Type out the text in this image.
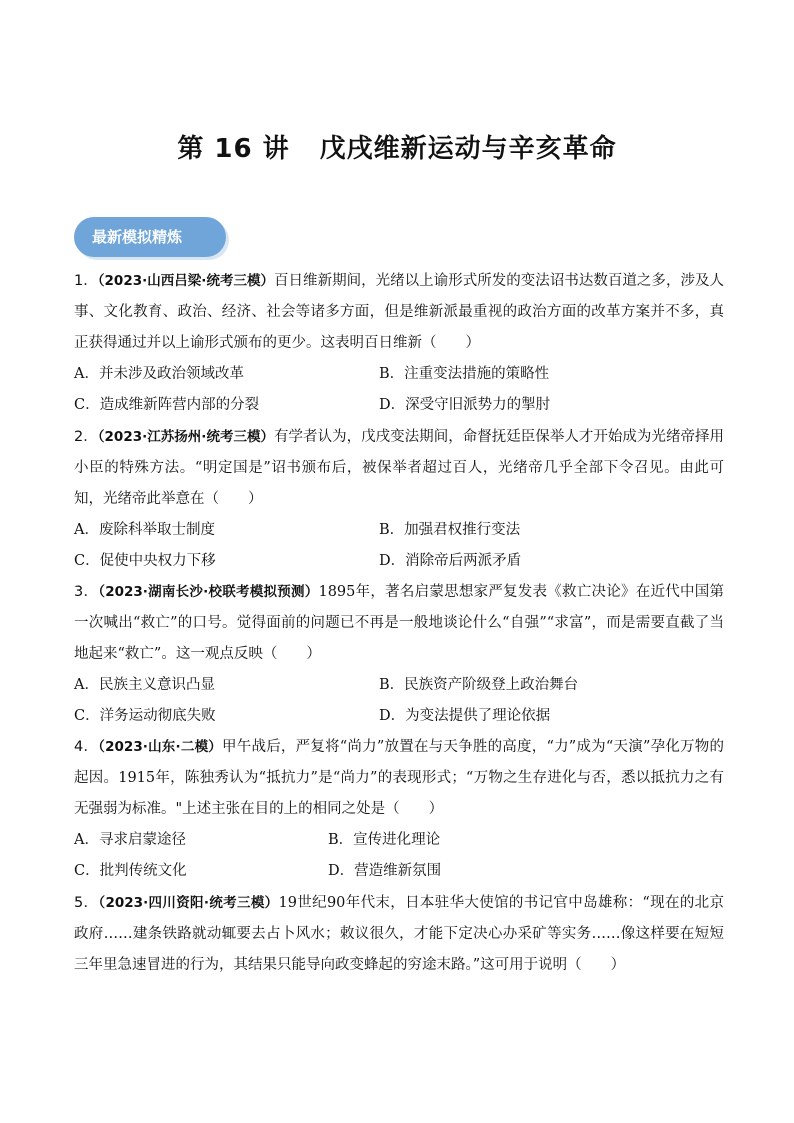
第 16 讲 戊戌维新运动与辛亥革命
最新模拟精炼
1．（2023·山西吕梁·统考三模）百日维新期间，光绪以上谕形式所发的变法诏书达数百道之多，涉及人事、文化教育、政治、经济、社会等诸多方面，但是维新派最重视的政治方面的改革方案并不多，真正获得通过并以上谕形式颁布的更少。这表明百日维新（　　）
A．并未涉及政治领域改革	B．注重变法措施的策略性
C．造成维新阵营内部的分裂	D．深受守旧派势力的掣肘
2．（2023·江苏扬州·统考三模）有学者认为，戊戌变法期间，命督抚廷臣保举人才开始成为光绪帝择用小臣的特殊方法。“明定国是”诏书颁布后，被保举者超过百人，光绪帝几乎全部下令召见。由此可知，光绪帝此举意在（　　）
A．废除科举取士制度	B．加强君权推行变法
C．促使中央权力下移	D．消除帝后两派矛盾
3．（2023·湖南长沙·校联考模拟预测）1895年，著名启蒙思想家严复发表《救亡决论》在近代中国第一次喊出“救亡”的口号。觉得面前的问题已不再是一般地谈论什么“自强”“求富”，而是需要直截了当地起来“救亡”。这一观点反映（　　）
A．民族主义意识凸显	B．民族资产阶级登上政治舞台
C．洋务运动彻底失败	D．为变法提供了理论依据
4．（2023·山东·二模）甲午战后，严复将“尚力”放置在与天争胜的高度，“力”成为“天演”孕化万物的起因。1915年，陈独秀认为“抵抗力”是“尚力”的表现形式；“万物之生存进化与否，悉以抵抗力之有无强弱为标准。"上述主张在目的上的相同之处是（　　）
A．寻求启蒙途径	B．宣传进化理论
C．批判传统文化	D．营造维新氛围
5．（2023·四川资阳·统考三模）19世纪90年代末，日本驻华大使馆的书记官中岛雄称：“现在的北京政府……建条铁路就动辄要去占卜风水；敕议很久，才能下定决心办采矿等实务……像这样要在短短三年里急速冒进的行为，其结果只能导向政变蜂起的穷途末路。”这可用于说明（　　）
